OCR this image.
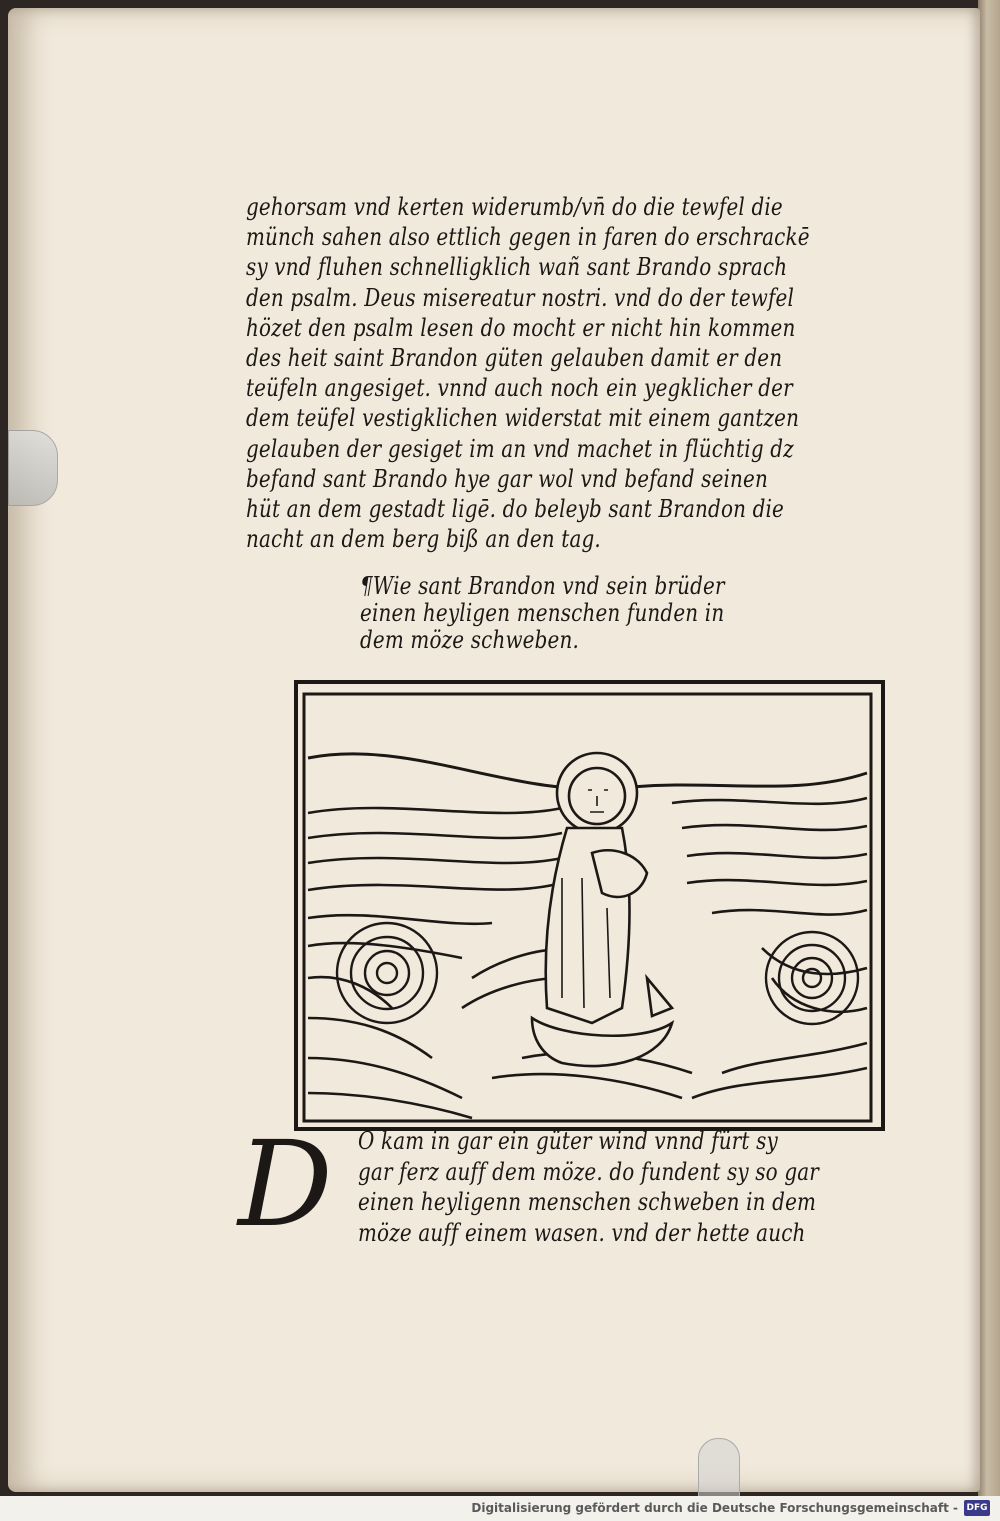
gehorsam vnd kerten widerumb/vn̄ do die tewfel die
münch sahen also ettlich gegen in faren do erschrackē
sy vnd fluhen schnelligklich wañ sant Brando sprach
den psalm. Deus misereatur nostri. vnd do der tewfel
hözet den psalm lesen do mocht er nicht hin kommen
des heit saint Brandon güten gelauben damit er den
teüfeln angesiget. vnnd auch noch ein yegklicher der
dem teüfel vestigklichen widerstat mit einem gantzen
gelauben der gesiget im an vnd machet in flüchtig dz
befand sant Brando hye gar wol vnd befand seinen
hüt an dem gestadt ligē. do beleyb sant Brandon die
nacht an dem berg biß an den tag.
¶Wie sant Brandon vnd sein brüder
einen heyligen menschen funden in
dem möze schweben.
D O kam in gar ein güter wind vnnd fürt sy
gar ferz auff dem möze. do fundent sy so gar
einen heyligenn menschen schweben in dem
möze auff einem wasen. vnd der hette auch
Digitalisierung gefördert durch die Deutsche Forschungsgemeinschaft - DFG
